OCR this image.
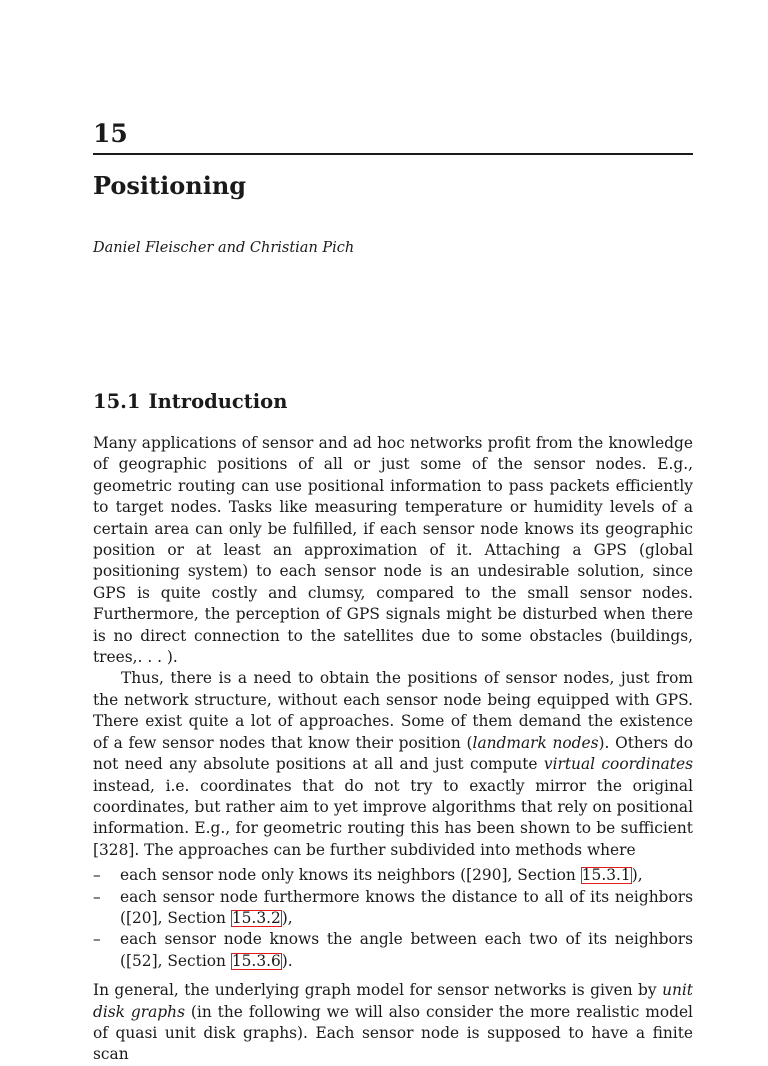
15
Positioning
Daniel Fleischer and Christian Pich
15.1 Introduction

Many applications of sensor and ad hoc networks profit from the knowledge of geographic positions of all or just some of the sensor nodes. E.g., geometric routing can use positional information to pass packets efficiently to target nodes. Tasks like measuring temperature or humidity levels of a certain area can only be fulfilled, if each sensor node knows its geographic position or at least an approximation of it. Attaching a GPS (global positioning system) to each sensor node is an undesirable solution, since GPS is quite costly and clumsy, compared to the small sensor nodes. Furthermore, the perception of GPS signals might be disturbed when there is no direct connection to the satellites due to some obstacles (buildings, trees,. . . ).

Thus, there is a need to obtain the positions of sensor nodes, just from the network structure, without each sensor node being equipped with GPS. There exist quite a lot of approaches. Some of them demand the existence of a few sensor nodes that know their position (landmark nodes). Others do not need any absolute positions at all and just compute virtual coordinates instead, i.e. coordinates that do not try to exactly mirror the original coordinates, but rather aim to yet improve algorithms that rely on positional information. E.g., for geometric routing this has been shown to be sufficient [328]. The approaches can be further subdivided into methods where

– each sensor node only knows its neighbors ([290], Section 15.3.1),
– each sensor node furthermore knows the distance to all of its neighbors ([20], Section 15.3.2),
– each sensor node knows the angle between each two of its neighbors ([52], Section 15.3.6).

In general, the underlying graph model for sensor networks is given by unit disk graphs (in the following we will also consider the more realistic model of quasi unit disk graphs). Each sensor node is supposed to have a finite scan
